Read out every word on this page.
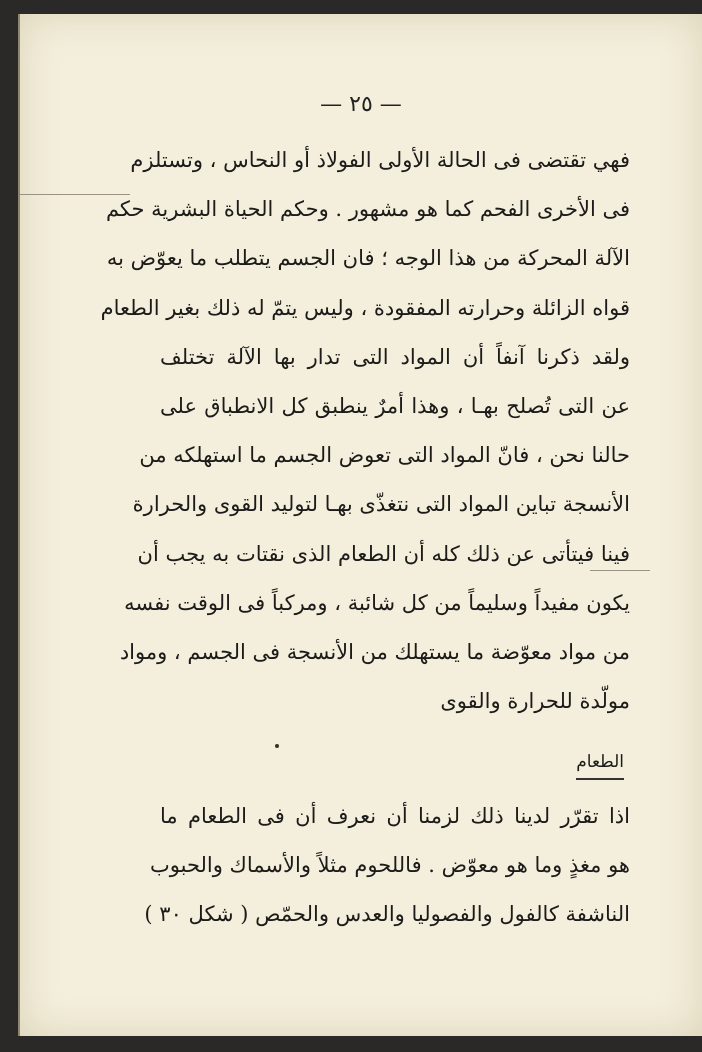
— ٢٥ —
فهي تقتضى فى الحالة الأولى الفولاذ أو النحاس ، وتستلزم
فى الأخرى الفحم كما هو مشهور . وحكم الحياة البشرية حكم
الآلة المحركة من هذا الوجه ؛ فان الجسم يتطلب ما يعوّض به
قواه الزائلة وحرارته المفقودة ، وليس يتمّ له ذلك بغير الطعام
ولقد ذكرنا آنفاً أن المواد التى تدار بها الآلة تختلف
عن التى تُصلح بهـا ، وهذا أمرٌ ينطبق كل الانطباق على
حالنا نحن ، فانّ المواد التى تعوض الجسم ما استهلكه من
الأنسجة تباين المواد التى نتغذّى بهـا لتوليد القوى والحرارة
فينا فيتأتى عن ذلك كله أن الطعام الذى نقتات به يجب أن
يكون مفيداً وسليماً من كل شائبة ، ومركباً فى الوقت نفسه
من مواد معوّضة ما يستهلك من الأنسجة فى الجسم ، ومواد
مولّدة للحرارة والقوى
الطعام
اذا تقرّر لدينا ذلك لزمنا أن نعرف أن فى الطعام ما
هو مغذٍ وما هو معوّض . فاللحوم مثلاً والأسماك والحبوب
الناشفة كالفول والفصوليا والعدس والحمّص ( شكل ٣٠ )
